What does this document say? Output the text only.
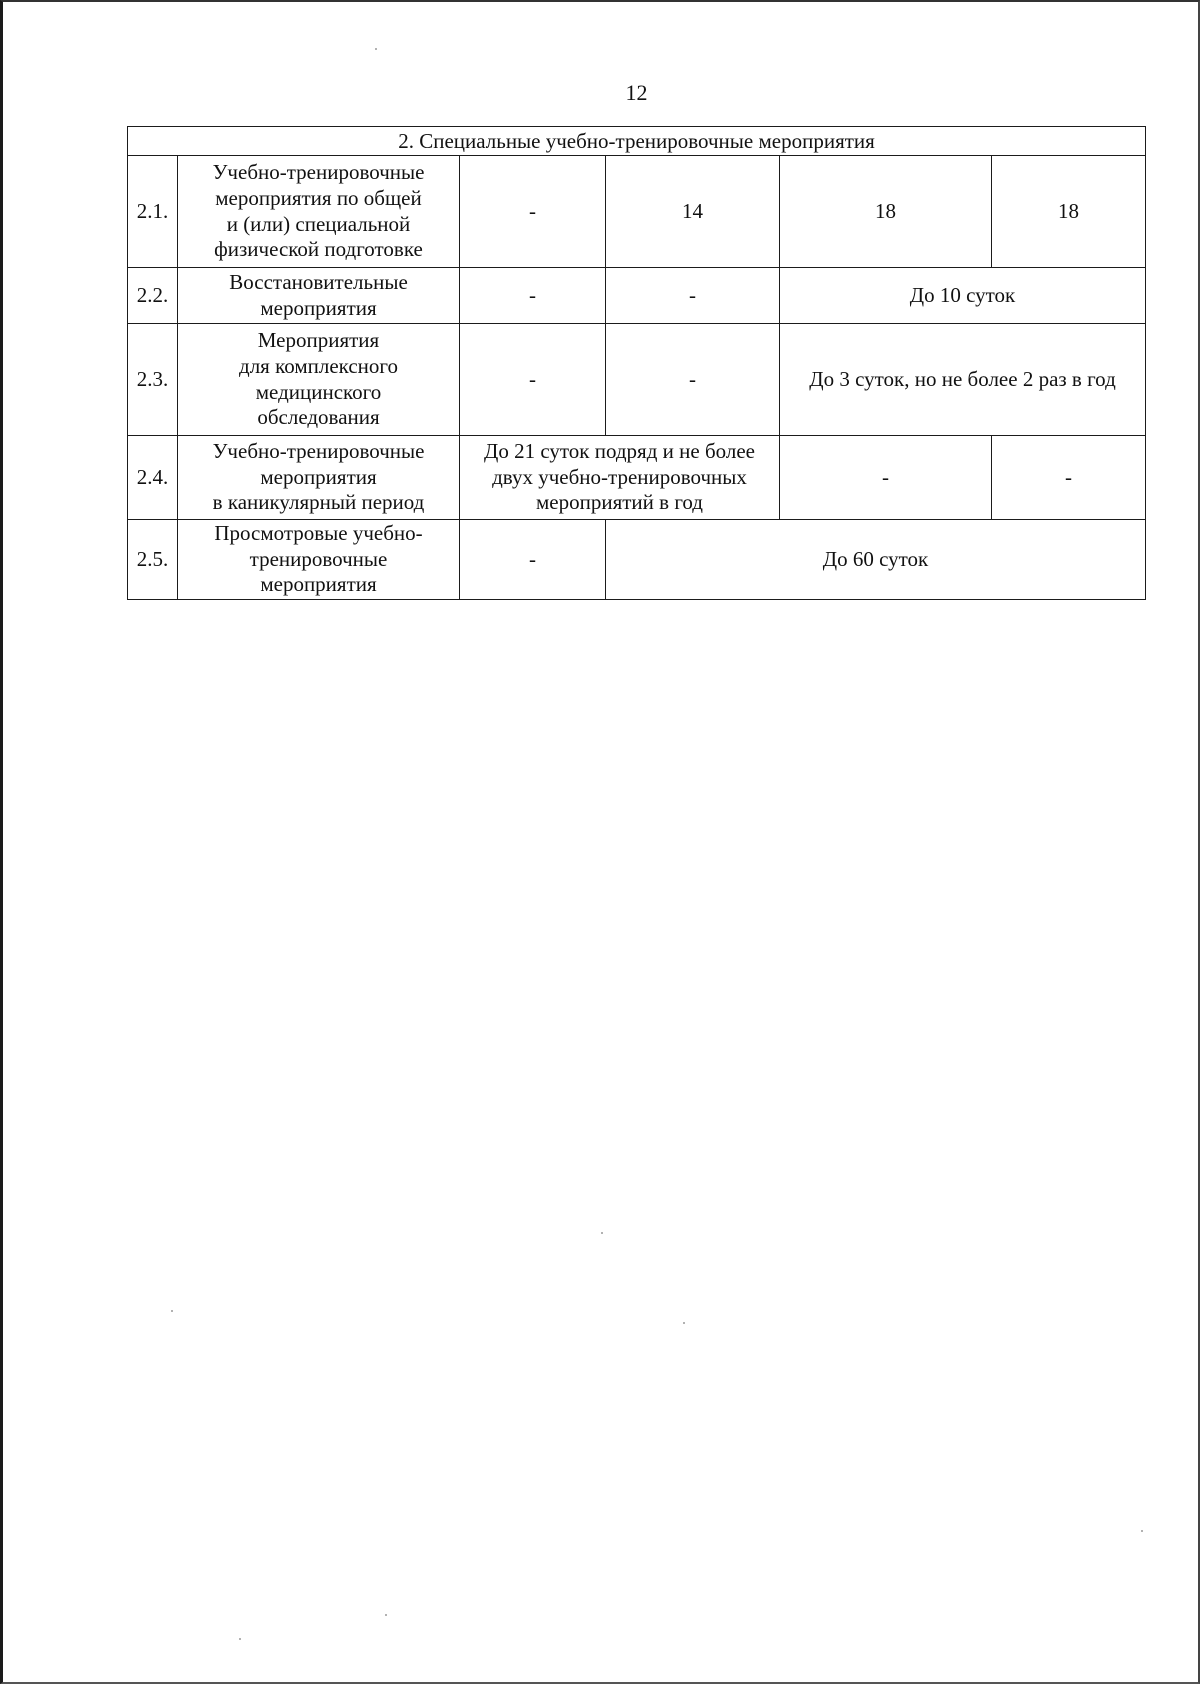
12
2. Специальные учебно-тренировочные мероприятия					
2.1.	Учебно-тренировочные
мероприятия по общей
и (или) специальной
физической подготовке	-	14	18	18
2.2.	Восстановительные
мероприятия	-	-	До 10 суток	
2.3.	Мероприятия
для комплексного
медицинского
обследования	-	-	До 3 суток, но не более 2 раз в год	
2.4.	Учебно-тренировочные
мероприятия
в каникулярный период	До 21 суток подряд и не более
двух учебно-тренировочных
мероприятий в год		-	-
2.5.	Просмотровые учебно-
тренировочные
мероприятия	-	До 60 суток		
